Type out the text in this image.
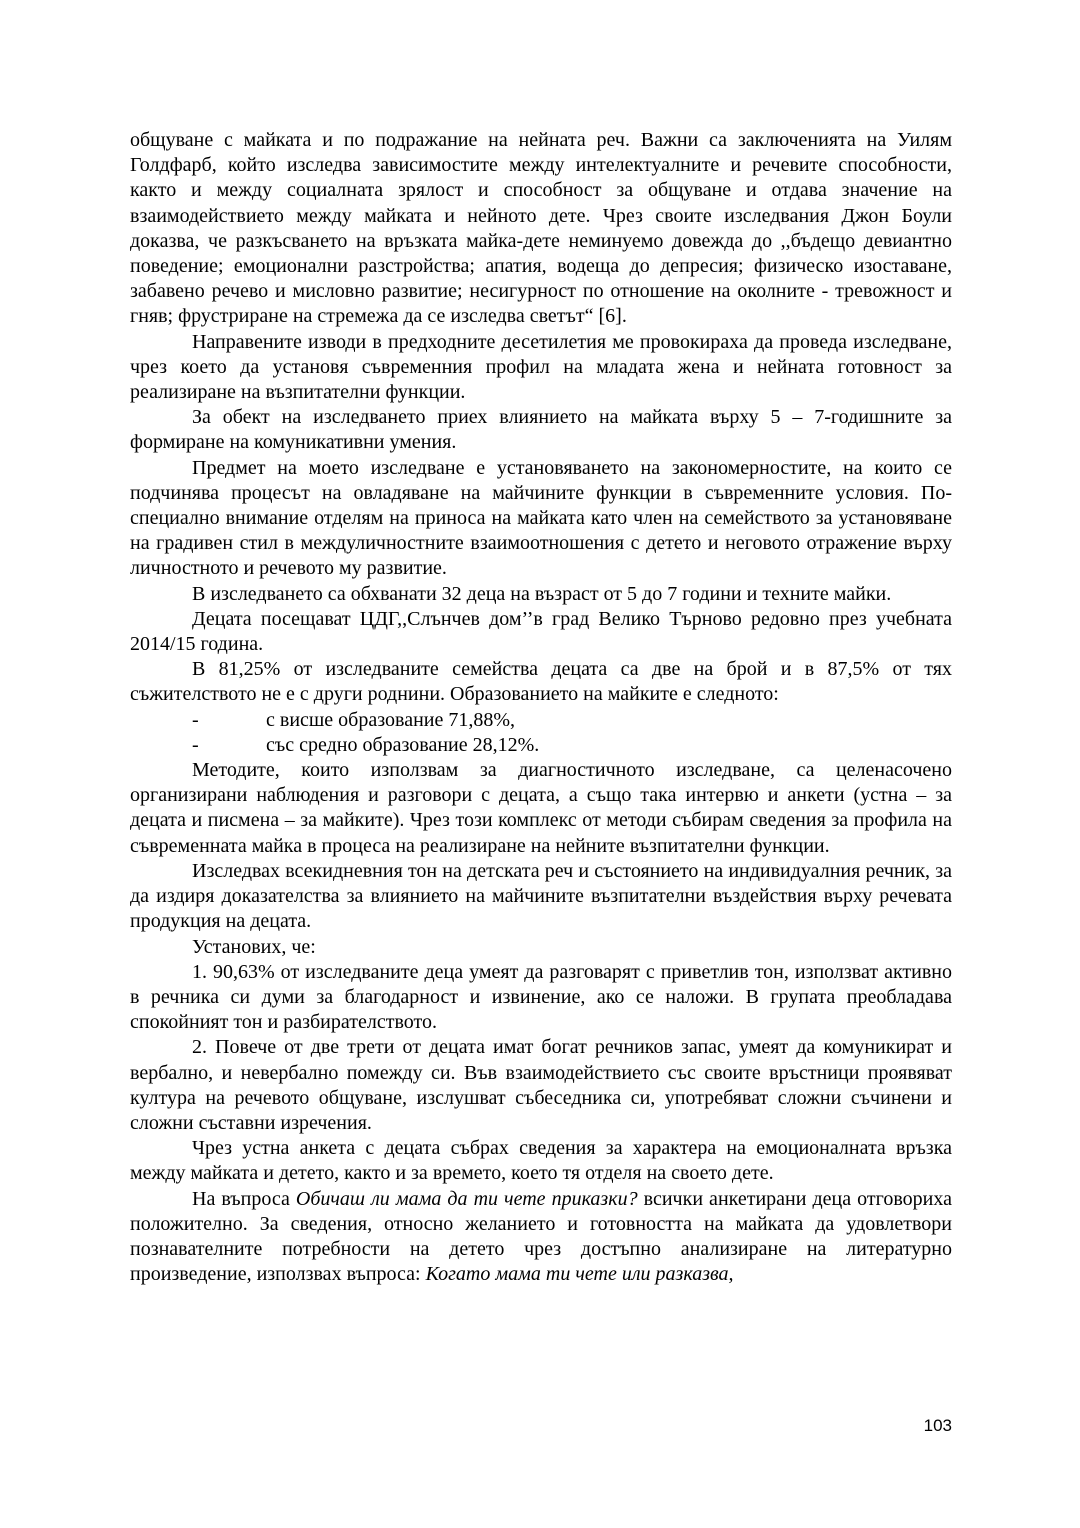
общуване с майката и по подражание на нейната реч. Важни са заключенията на Уилям Голдфарб, който изследва зависимостите между интелектуалните и речевите способности, както и между социалната зрялост и способност за общуване и отдава значение на взаимодействието между майката и нейното дете. Чрез своите изследвания Джон Боули доказва, че разкъсването на връзката майка-дете неминуемо довежда до ,,бъдещо девиантно поведение; емоционални разстройства; апатия, водеща до депресия; физическо изоставане, забавено речево и мисловно развитие; несигурност по отношение на околните - тревожност и гняв; фрустриране на стремежа да се изследва светът“ [6].

Направените изводи в предходните десетилетия ме провокираха да проведа изследване, чрез което да установя съвременния профил на младата жена и нейната готовност за реализиране на възпитателни функции.

За обект на изследването приех влиянието на майката върху 5 – 7-годишните за формиране на комуникативни умения.

Предмет на моето изследване е установяването на закономерностите, на които се подчинява процесът на овладяване на майчините функции в съвременните условия. По-специално внимание отделям на приноса на майката като член на семейството за установяване на градивен стил в междуличностните взаимоотношения с детето и неговото отражение върху личностното и речевото му развитие.

В изследването са обхванати 32 деца на възраст от 5 до 7 години и техните майки.

Децата посещават ЦДГ,,Слънчев дом’’в град Велико Търново редовно през учебната 2014/15 година.

В 81,25% от изследваните семейства децата са две на брой и в 87,5% от тях съжителството не е с други роднини. Образованието на майките е следното:

-	с висше образование 71,88%,
-	със средно образование 28,12%.

Методите, които използвам за диагностичното изследване, са целенасочено организирани наблюдения и разговори с децата, а също така интервю и анкети (устна – за децата и писмена – за майките). Чрез този комплекс от методи събирам сведения за профила на съвременната майка в процеса на реализиране на нейните възпитателни функции.

Изследвах всекидневния тон на детската реч и състоянието на индивидуалния речник, за да издиря доказателства за влиянието на майчините възпитателни въздействия върху речевата продукция на децата.

Установих, че:

1. 90,63% от изследваните деца умеят да разговарят с приветлив тон, използват активно в речника си думи за благодарност и извинение, ако се наложи. В групата преобладава спокойният тон и разбирателството.

2. Повече от две трети от децата имат богат речников запас, умеят да комуникират и вербално, и невербално помежду си. Във взаимодействието със своите връстници проявяват култура на речевото общуване, изслушват събеседника си, употребяват сложни съчинени и сложни съставни изречения.

Чрез устна анкета с децата събрах сведения за характера на емоционалната връзка между майката и детето, както и за времето, което тя отделя на своето дете.

На въпроса Обичаш ли мама да ти чете приказки? всички анкетирани деца отговориха положително. За сведения, относно желанието и готовността на майката да удовлетвори познавателните потребности на детето чрез достъпно анализиране на литературно произведение, използвах въпроса: Когато мама ти чете или разказва,

103
